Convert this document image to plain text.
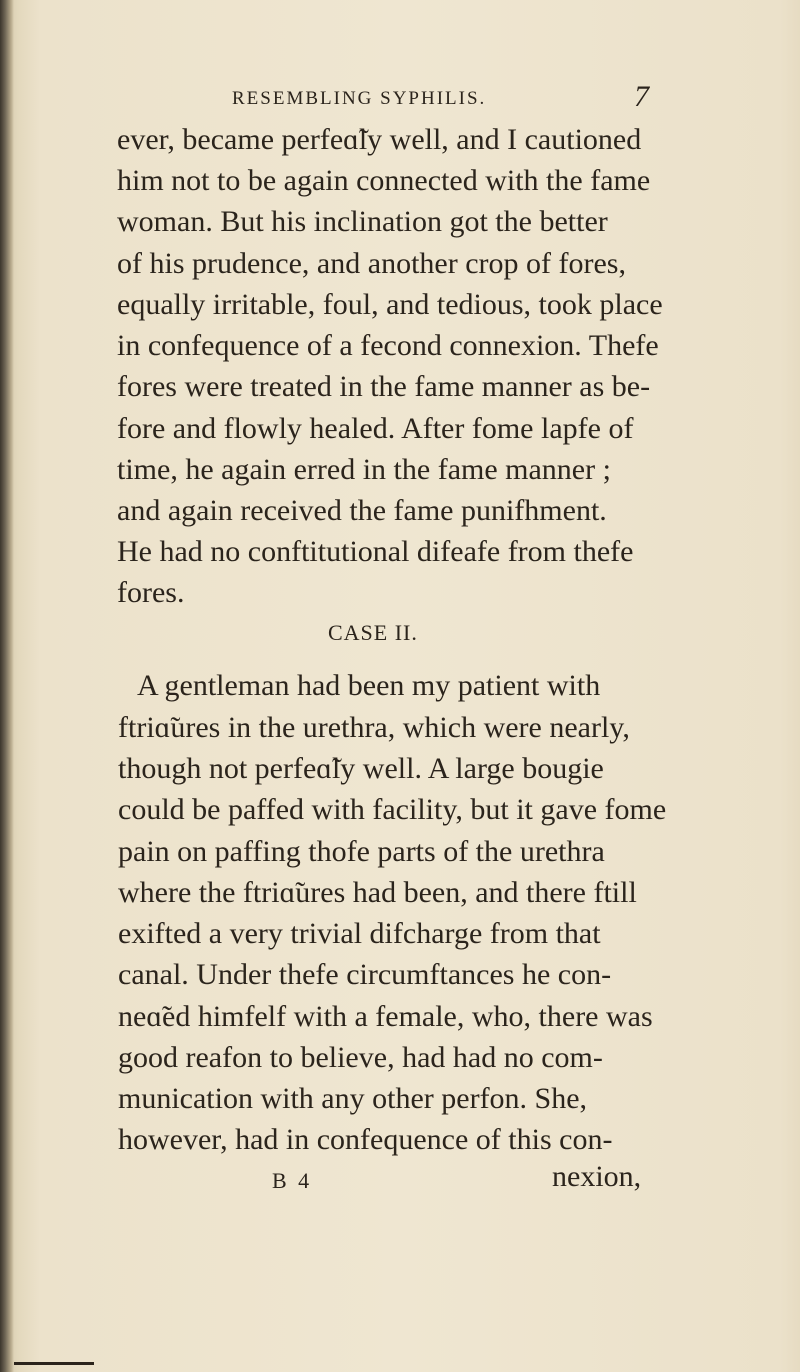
RESEMBLING SYPHILIS.	7
ever, became perfeɑ̃ly well, and I cautioned
him not to be again connected with the fame
woman. But his inclination got the better
of his prudence, and another crop of fores,
equally irritable, foul, and tedious, took place
in confequence of a fecond connexion. Thefe
fores were treated in the fame manner as be-
fore and flowly healed. After fome lapfe of
time, he again erred in the fame manner ;
and again received the fame punifhment.
He had no conftitutional difeafe from thefe
fores.
CASE II.
A gentleman had been my patient with
ftriɑ̃ures in the urethra, which were nearly,
though not perfeɑ̃ly well. A large bougie
could be paffed with facility, but it gave fome
pain on paffing thofe parts of the urethra
where the ftriɑ̃ures had been, and there ftill
exifted a very trivial difcharge from that
canal. Under thefe circumftances he con-
neɑ̃ed himfelf with a female, who, there was
good reafon to believe, had had no com-
munication with any other perfon. She,
however, had in confequence of this con-
B 4	nexion,
